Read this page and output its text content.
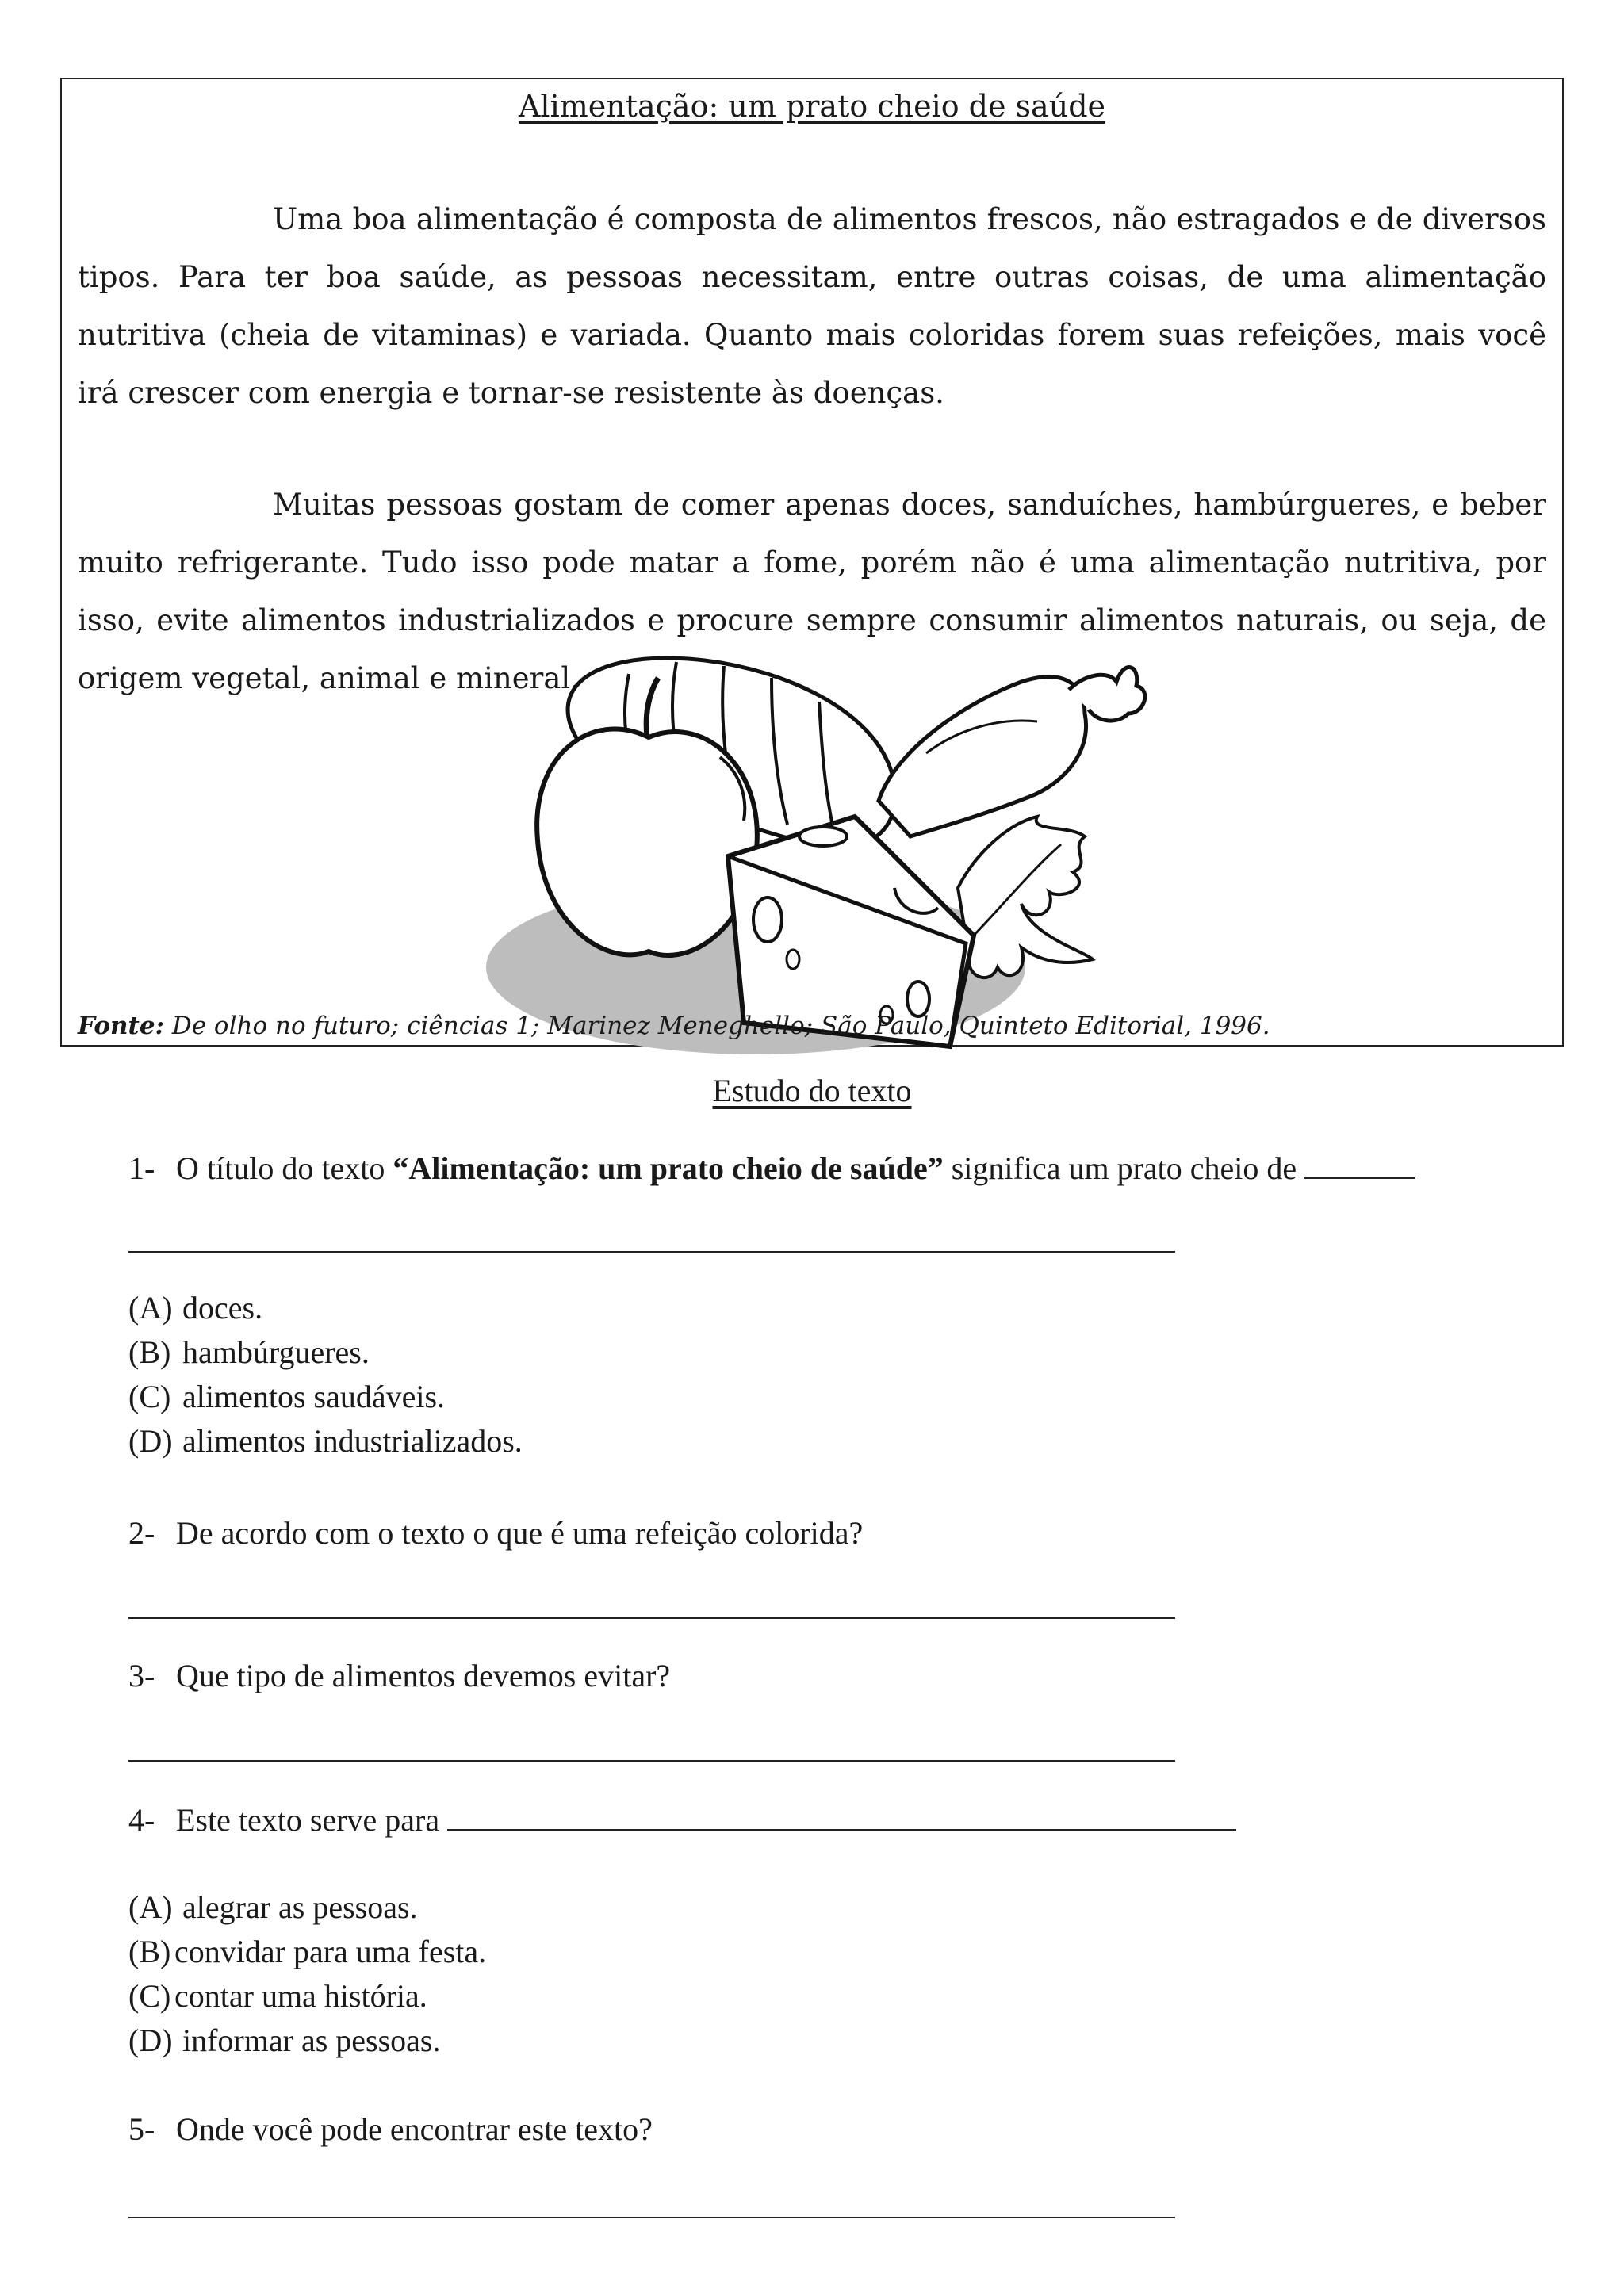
Alimentação: um prato cheio de saúde

Uma boa alimentação é composta de alimentos frescos, não estragados e de diversos tipos. Para ter boa saúde, as pessoas necessitam, entre outras coisas, de uma alimentação nutritiva (cheia de vitaminas) e variada. Quanto mais coloridas forem suas refeições, mais você irá crescer com energia e tornar-se resistente às doenças.

Muitas pessoas gostam de comer apenas doces, sanduíches, hambúrgueres, e beber muito refrigerante. Tudo isso pode matar a fome, porém não é uma alimentação nutritiva, por isso, evite alimentos industrializados e procure sempre consumir alimentos naturais, ou seja, de origem vegetal, animal e mineral.

Fonte: De olho no futuro; ciências 1; Marinez Meneghello; São Paulo, Quinteto Editorial, 1996.
Estudo do texto
1- O título do texto “Alimentação: um prato cheio de saúde” significa um prato cheio de
(A) doces.
(B) hambúrgueres.
(C) alimentos saudáveis.
(D) alimentos industrializados.
2- De acordo com o texto o que é uma refeição colorida?
3- Que tipo de alimentos devemos evitar?
4- Este texto serve para
(A) alegrar as pessoas.
(B) convidar para uma festa.
(C) contar uma história.
(D) informar as pessoas.
5- Onde você pode encontrar este texto?
